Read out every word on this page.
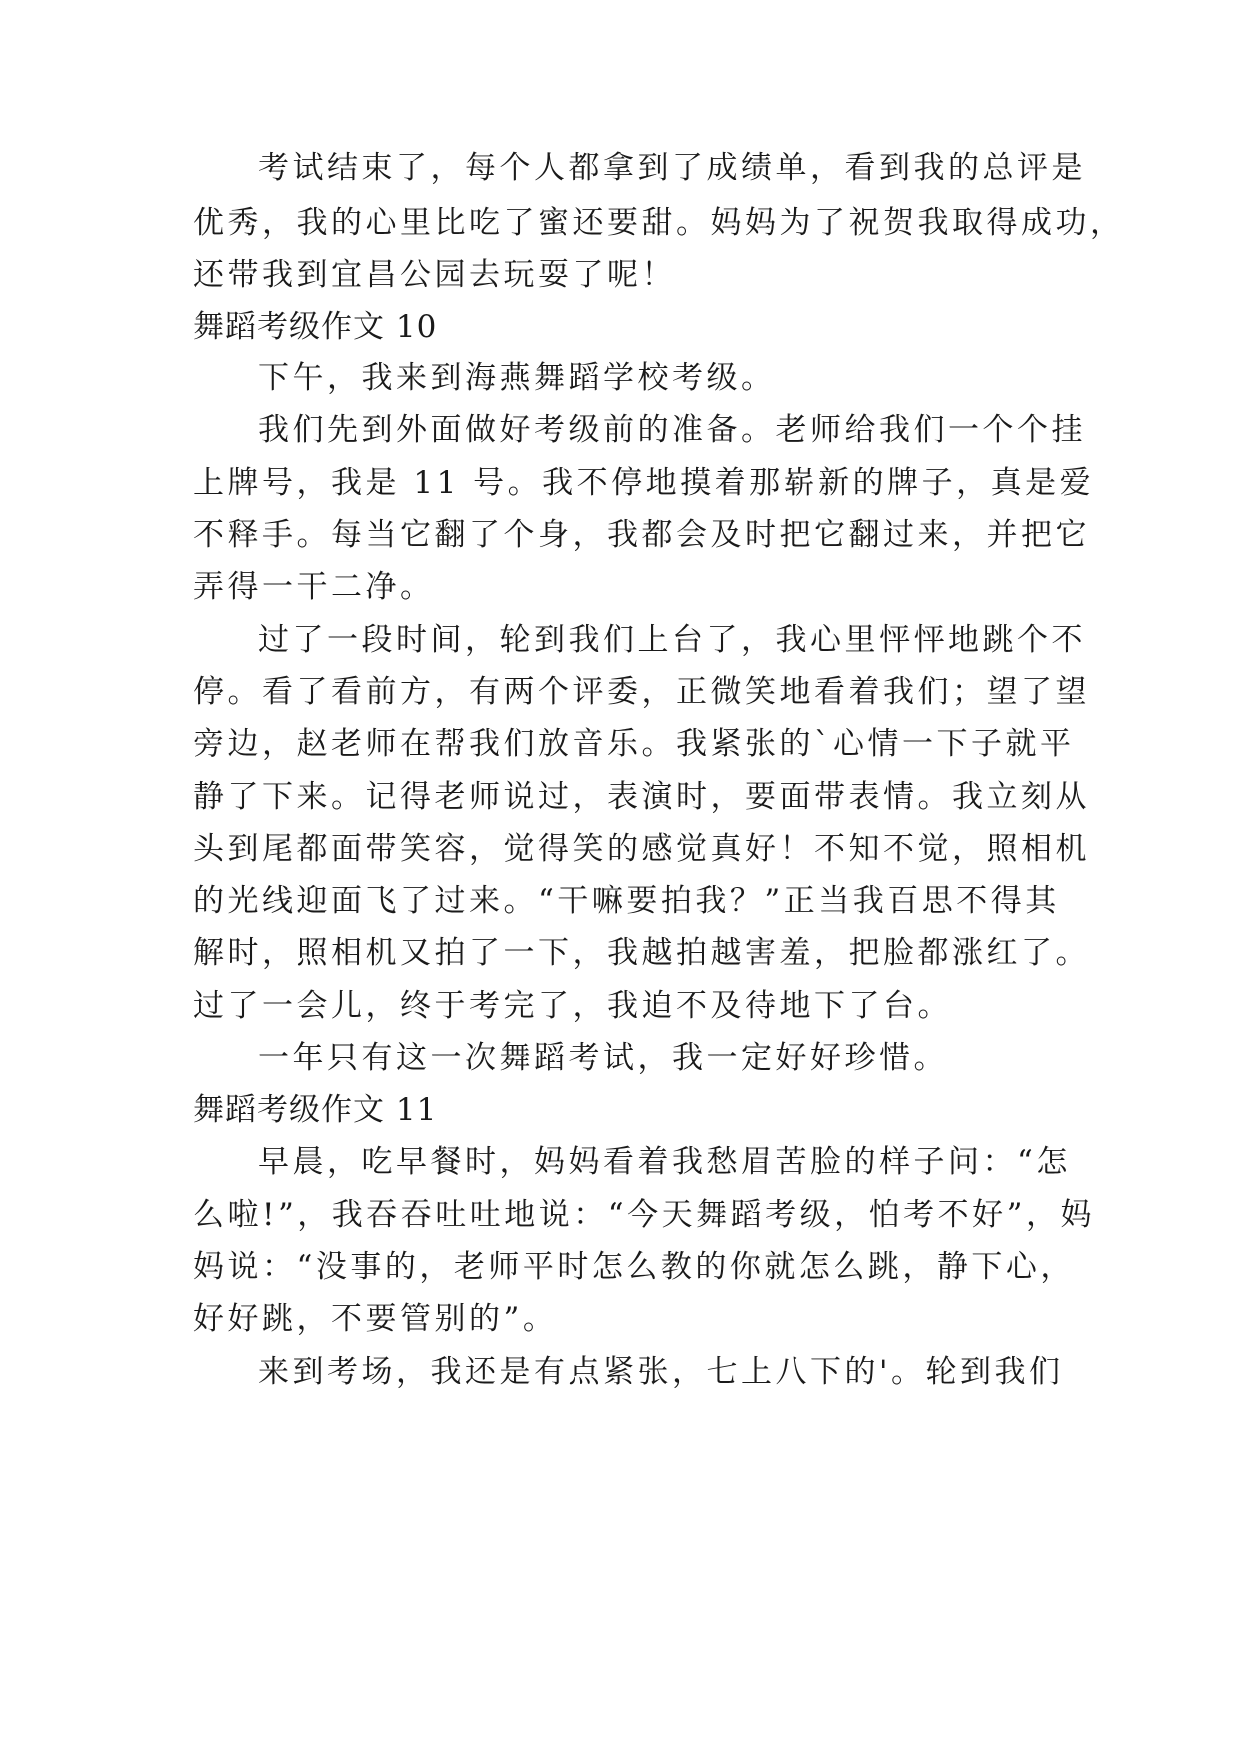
考试结束了，每个人都拿到了成绩单，看到我的总评是
优秀，我的心里比吃了蜜还要甜。妈妈为了祝贺我取得成功，
还带我到宜昌公园去玩耍了呢！
舞蹈考级作文 10
下午，我来到海燕舞蹈学校考级。
我们先到外面做好考级前的准备。老师给我们一个个挂
上牌号，我是 11 号。我不停地摸着那崭新的牌子，真是爱
不释手。每当它翻了个身，我都会及时把它翻过来，并把它
弄得一干二净。
过了一段时间，轮到我们上台了，我心里怦怦地跳个不
停。看了看前方，有两个评委，正微笑地看着我们；望了望
旁边，赵老师在帮我们放音乐。我紧张的`心情一下子就平
静了下来。记得老师说过，表演时，要面带表情。我立刻从
头到尾都面带笑容，觉得笑的感觉真好！不知不觉，照相机
的光线迎面飞了过来。“干嘛要拍我？”正当我百思不得其
解时，照相机又拍了一下，我越拍越害羞，把脸都涨红了。
过了一会儿，终于考完了，我迫不及待地下了台。
一年只有这一次舞蹈考试，我一定好好珍惜。
舞蹈考级作文 11
早晨，吃早餐时，妈妈看着我愁眉苦脸的样子问：“怎
么啦!”，我吞吞吐吐地说：“今天舞蹈考级，怕考不好”，妈
妈说：“没事的，老师平时怎么教的你就怎么跳，静下心，
好好跳，不要管别的”。
来到考场，我还是有点紧张，七上八下的'。轮到我们
